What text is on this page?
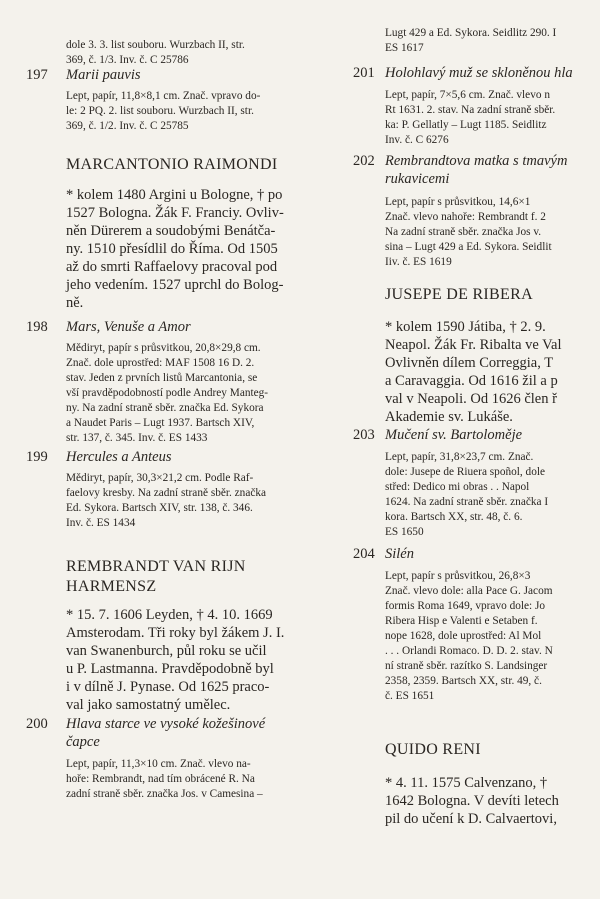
dole 3. 3. list souboru. Wurzbach II, str.
369, č. 1/3. Inv. č. C 25786
197 Marii pauvis
Lept, papír, 11,8×8,1 cm. Znač. vpravo do-
le: 2 PQ. 2. list souboru. Wurzbach II, str.
369, č. 1/2. Inv. č. C 25785
MARCANTONIO RAIMONDI
* kolem 1480 Argini u Bologne, † po
1527 Bologna. Žák F. Franciy. Ovliv-
něn Dürerem a soudobými Benátča-
ny. 1510 přesídlil do Říma. Od 1505
až do smrti Raffaelovy pracoval pod
jeho vedením. 1527 uprchl do Bolog-
ně.
198 Mars, Venuše a Amor
Mědiryt, papír s průsvitkou, 20,8×29,8 cm.
Znač. dole uprostřed: MAF 1508 16 D. 2.
stav. Jeden z prvních listů Marcantonia, se
vší pravděpodobností podle Andrey Manteg-
ny. Na zadní straně sběr. značka Ed. Sykora
a Naudet Paris – Lugt 1937. Bartsch XIV,
str. 137, č. 345. Inv. č. ES 1433
199 Hercules a Anteus
Mědiryt, papír, 30,3×21,2 cm. Podle Raf-
faelovy kresby. Na zadní straně sběr. značka
Ed. Sykora. Bartsch XIV, str. 138, č. 346.
Inv. č. ES 1434
REMBRANDT VAN RIJN
HARMENSZ
* 15. 7. 1606 Leyden, † 4. 10. 1669
Amsterodam. Tři roky byl žákem J. I.
van Swanenburch, půl roku se učil
u P. Lastmanna. Pravděpodobně byl
i v dílně J. Pynase. Od 1625 praco-
val jako samostatný umělec.
200 Hlava starce ve vysoké kožešinové
čapce
Lept, papír, 11,3×10 cm. Znač. vlevo na-
hoře: Rembrandt, nad tím obrácené R. Na
zadní straně sběr. značka Jos. v Camesina –
Lugt 429 a Ed. Sykora. Seidlitz 290. I
ES 1617
201 Holohlavý muž se skloněnou hla
Lept, papír, 7×5,6 cm. Znač. vlevo n
Rt 1631. 2. stav. Na zadní straně sběr.
ka: P. Gellatly – Lugt 1185. Seidlitz
Inv. č. C 6276
202 Rembrandtova matka s tmavým
rukavicemi
Lept, papír s průsvitkou, 14,6×1
Znač. vlevo nahoře: Rembrandt f. 2
Na zadní straně sběr. značka Jos v.
sina – Lugt 429 a Ed. Sykora. Seidlit
Iiv. č. ES 1619
JUSEPE DE RIBERA
* kolem 1590 Játiba, † 2. 9.
Neapol. Žák Fr. Ribalta ve Val
Ovlivněn dílem Correggia, T
a Caravaggia. Od 1616 žil a p
val v Neapoli. Od 1626 člen ř
Akademie sv. Lukáše.
203 Mučení sv. Bartoloměje
Lept, papír, 31,8×23,7 cm. Znač.
dole: Jusepe de Riuera spoñol, dole
střed: Dedico mi obras . . Napol
1624. Na zadní straně sběr. značka I
kora. Bartsch XX, str. 48, č. 6.
ES 1650
204 Silén
Lept, papír s průsvitkou, 26,8×3
Znač. vlevo dole: alla Pace G. Jacom
formis Roma 1649, vpravo dole: Jo
Ribera Hisp e Valenti e Setaben f.
nope 1628, dole uprostřed: Al Mol
. . . Orlandi Romaco. D. D. 2. stav. N
ní straně sběr. razítko S. Landsinger
2358, 2359. Bartsch XX, str. 49, č.
č. ES 1651
QUIDO RENI
* 4. 11. 1575 Calvenzano, †
1642 Bologna. V devíti letech
pil do učení k D. Calvaertovi,
